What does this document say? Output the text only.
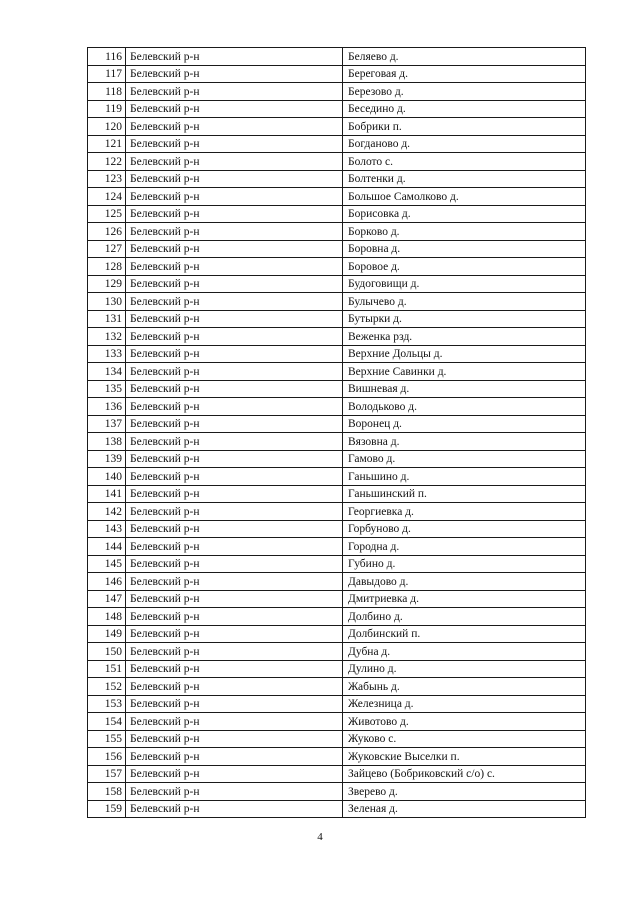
116	Белевский р-н	Беляево д.
117	Белевский р-н	Береговая д.
118	Белевский р-н	Березово д.
119	Белевский р-н	Беседино д.
120	Белевский р-н	Бобрики п.
121	Белевский р-н	Богданово д.
122	Белевский р-н	Болото с.
123	Белевский р-н	Болтенки д.
124	Белевский р-н	Большое Самолково д.
125	Белевский р-н	Борисовка д.
126	Белевский р-н	Борково д.
127	Белевский р-н	Боровна д.
128	Белевский р-н	Боровое д.
129	Белевский р-н	Будоговищи д.
130	Белевский р-н	Булычево д.
131	Белевский р-н	Бутырки д.
132	Белевский р-н	Веженка рзд.
133	Белевский р-н	Верхние Дольцы д.
134	Белевский р-н	Верхние Савинки д.
135	Белевский р-н	Вишневая д.
136	Белевский р-н	Володьково д.
137	Белевский р-н	Воронец д.
138	Белевский р-н	Вязовна д.
139	Белевский р-н	Гамово д.
140	Белевский р-н	Ганьшино д.
141	Белевский р-н	Ганьшинский п.
142	Белевский р-н	Георгиевка д.
143	Белевский р-н	Горбуново д.
144	Белевский р-н	Городна д.
145	Белевский р-н	Губино д.
146	Белевский р-н	Давыдово д.
147	Белевский р-н	Дмитриевка д.
148	Белевский р-н	Долбино д.
149	Белевский р-н	Долбинский п.
150	Белевский р-н	Дубна д.
151	Белевский р-н	Дулино д.
152	Белевский р-н	Жабынь д.
153	Белевский р-н	Железница д.
154	Белевский р-н	Животово д.
155	Белевский р-н	Жуково с.
156	Белевский р-н	Жуковские Выселки п.
157	Белевский р-н	Зайцево (Бобриковский с/о) с.
158	Белевский р-н	Зверево д.
159	Белевский р-н	Зеленая д.
4
